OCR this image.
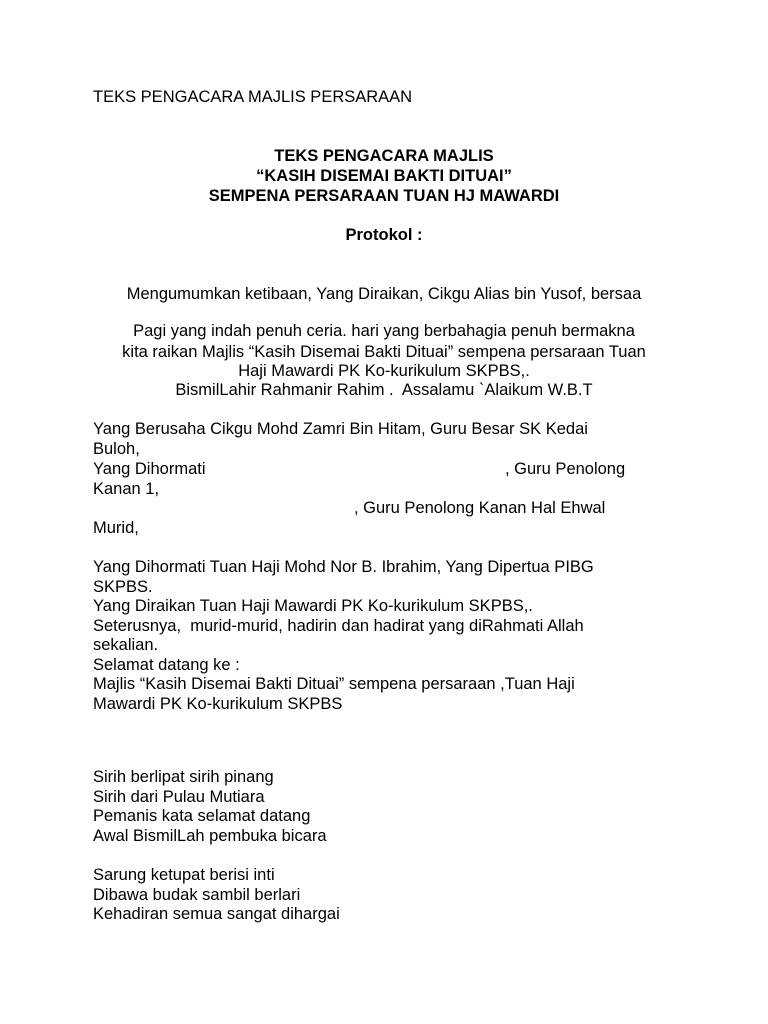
TEKS PENGACARA MAJLIS PERSARAAN
TEKS PENGACARA MAJLIS
“KASIH DISEMAI BAKTI DITUAI”
SEMPENA PERSARAAN TUAN HJ MAWARDI
Protokol :
Mengumumkan ketibaan, Yang Diraikan, Cikgu Alias bin Yusof, bersaa
Pagi yang indah penuh ceria. hari yang berbahagia penuh bermakna
kita raikan Majlis “Kasih Disemai Bakti Dituai” sempena persaraan Tuan
Haji Mawardi PK Ko-kurikulum SKPBS,.
BismilLahir Rahmanir Rahim .  Assalamu `Alaikum W.B.T
Yang Berusaha Cikgu Mohd Zamri Bin Hitam, Guru Besar SK Kedai
Buloh,
Yang Dihormati	, Guru Penolong
Kanan 1,
, Guru Penolong Kanan Hal Ehwal
Murid,
Yang Dihormati Tuan Haji Mohd Nor B. Ibrahim, Yang Dipertua PIBG
SKPBS.
Yang Diraikan Tuan Haji Mawardi PK Ko-kurikulum SKPBS,.
Seterusnya,  murid-murid, hadirin dan hadirat yang diRahmati Allah
sekalian.
Selamat datang ke :
Majlis “Kasih Disemai Bakti Dituai” sempena persaraan ,Tuan Haji
Mawardi PK Ko-kurikulum SKPBS
Sirih berlipat sirih pinang
Sirih dari Pulau Mutiara
Pemanis kata selamat datang
Awal BismilLah pembuka bicara
Sarung ketupat berisi inti
Dibawa budak sambil berlari
Kehadiran semua sangat dihargai
